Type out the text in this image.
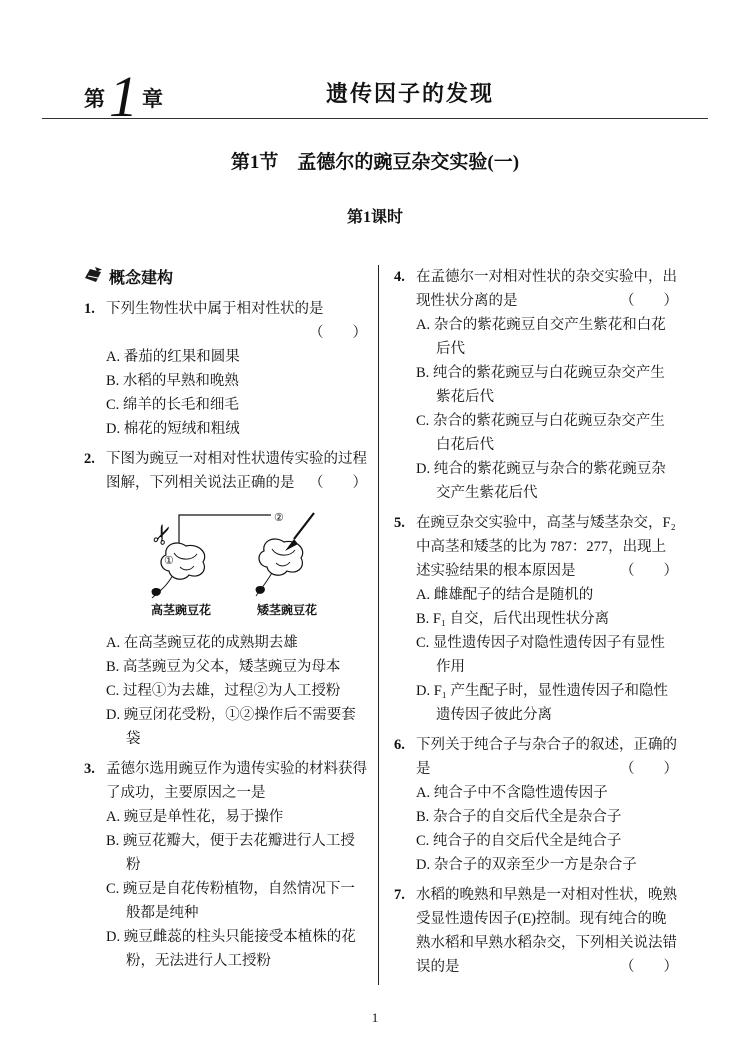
第1 章	遗传因子的发现
第1节　孟德尔的豌豆杂交实验(一)
第1课时
概念建构
1. 下列生物性状中属于相对性状的是
（　　）
A. 番茄的红果和圆果
B. 水稻的早熟和晚熟
C. 绵羊的长毛和细毛
D. 棉花的短绒和粗绒
2. 下图为豌豆一对相对性状遗传实验的过程图解，下列相关说法正确的是 （　　）
✂
①
②
高茎豌豆花	矮茎豌豆花
A. 在高茎豌豆花的成熟期去雄
B. 高茎豌豆为父本，矮茎豌豆为母本
C. 过程①为去雄，过程②为人工授粉
D. 豌豆闭花受粉，①②操作后不需要套袋
3. 孟德尔选用豌豆作为遗传实验的材料获得了成功，主要原因之一是
A. 豌豆是单性花，易于操作
B. 豌豆花瓣大，便于去花瓣进行人工授粉
C. 豌豆是自花传粉植物，自然情况下一般都是纯种
D. 豌豆雌蕊的柱头只能接受本植株的花粉，无法进行人工授粉
4. 在孟德尔一对相对性状的杂交实验中，出现性状分离的是	（　　）
A. 杂合的紫花豌豆自交产生紫花和白花后代
B. 纯合的紫花豌豆与白花豌豆杂交产生紫花后代
C. 杂合的紫花豌豆与白花豌豆杂交产生白花后代
D. 纯合的紫花豌豆与杂合的紫花豌豆杂交产生紫花后代
5. 在豌豆杂交实验中，高茎与矮茎杂交，F₂中高茎和矮茎的比为 787：277，出现上述实验结果的根本原因是	（　　）
A. 雌雄配子的结合是随机的
B. F₁ 自交，后代出现性状分离
C. 显性遗传因子对隐性遗传因子有显性作用
D. F₁ 产生配子时，显性遗传因子和隐性遗传因子彼此分离
6. 下列关于纯合子与杂合子的叙述，正确的是	（　　）
A. 纯合子中不含隐性遗传因子
B. 杂合子的自交后代全是杂合子
C. 纯合子的自交后代全是纯合子
D. 杂合子的双亲至少一方是杂合子
7. 水稻的晚熟和早熟是一对相对性状，晚熟受显性遗传因子(E)控制。现有纯合的晚熟水稻和早熟水稻杂交，下列相关说法错误的是	（　　）
1
